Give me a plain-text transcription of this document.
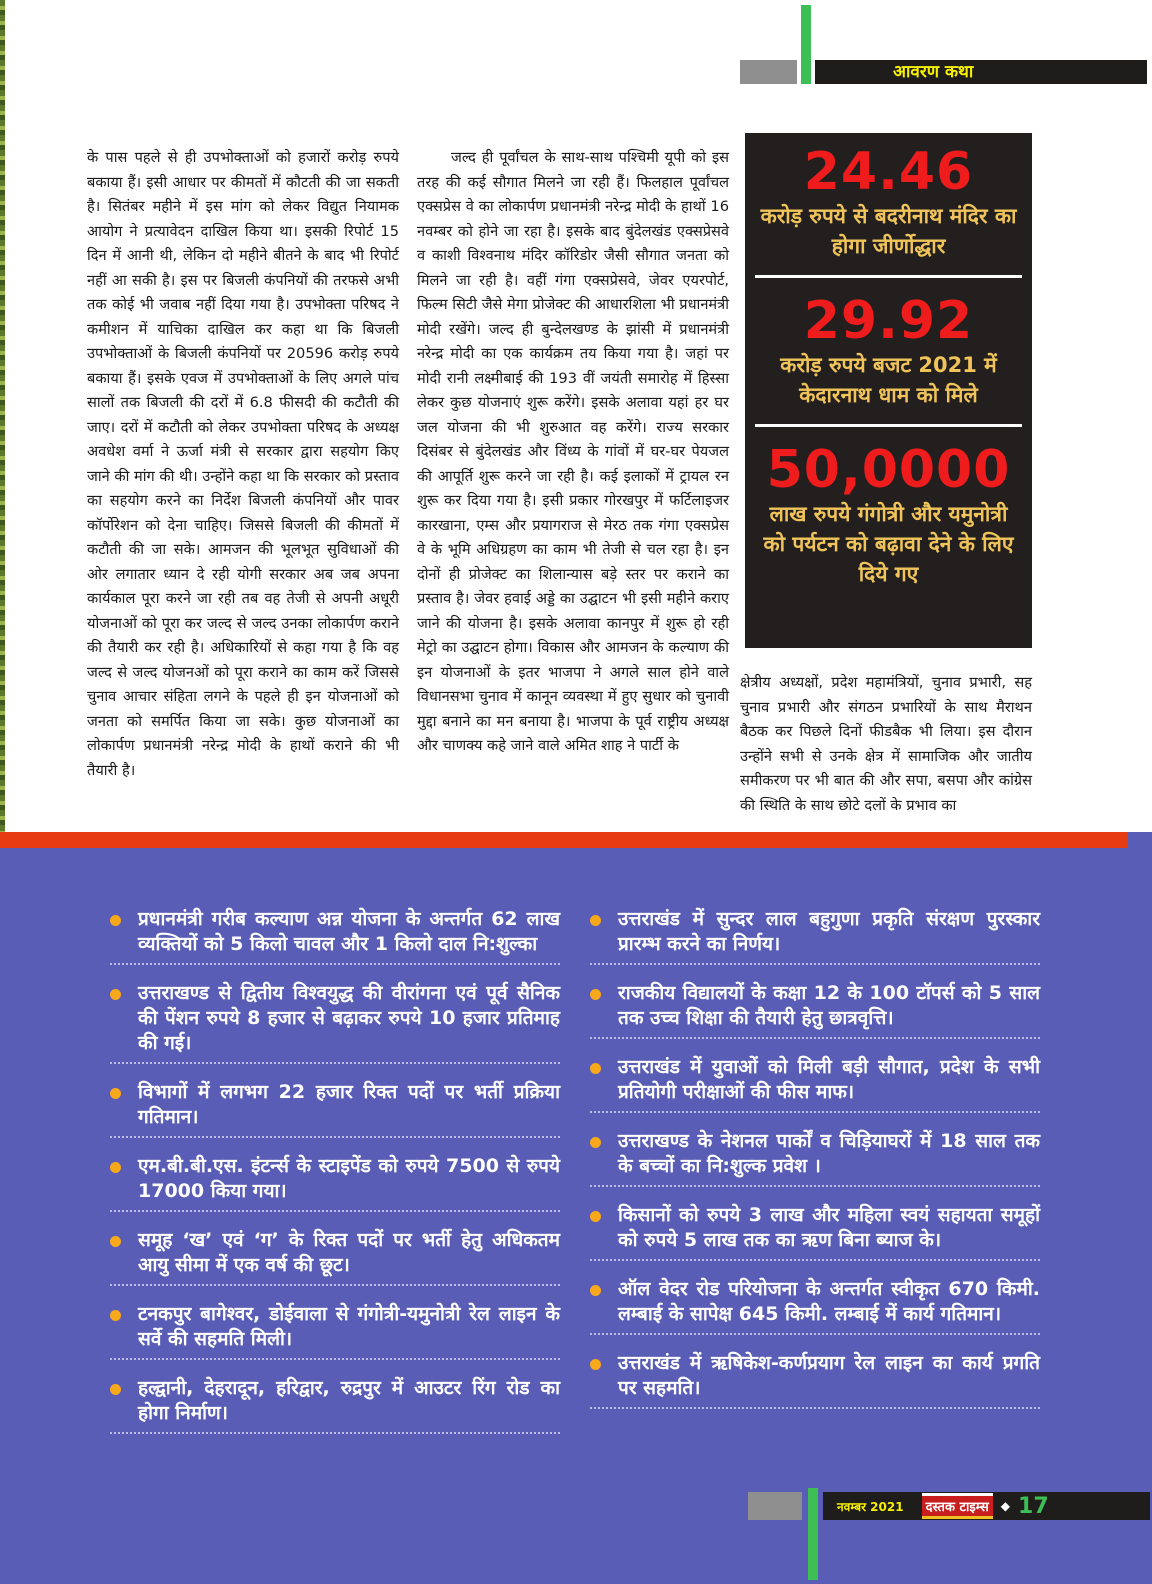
आवरण कथा

के पास पहले से ही उपभोक्ताओं को हजारों करोड़ रुपये बकाया हैं। इसी आधार पर कीमतों में कौटती की जा सकती है। सितंबर महीने में इस मांग को लेकर विद्युत नियामक आयोग ने प्रत्यावेदन दाखिल किया था। इसकी रिपोर्ट 15 दिन में आनी थी, लेकिन दो महीने बीतने के बाद भी रिपोर्ट नहीं आ सकी है। इस पर बिजली कंपनियों की तरफसे अभी तक कोई भी जवाब नहीं दिया गया है। उपभोक्ता परिषद ने कमीशन में याचिका दाखिल कर कहा था कि बिजली उपभोक्ताओं के बिजली कंपनियों पर 20596 करोड़ रुपये बकाया हैं। इसके एवज में उपभोक्ताओं के लिए अगले पांच सालों तक बिजली की दरों में 6.8 फीसदी की कटौती की जाए। दरों में कटौती को लेकर उपभोक्ता परिषद के अध्यक्ष अवधेश वर्मा ने ऊर्जा मंत्री से सरकार द्वारा सहयोग किए जाने की मांग की थी। उन्होंने कहा था कि सरकार को प्रस्ताव का सहयोग करने का निर्देश बिजली कंपनियों और पावर कॉर्पोरेशन को देना चाहिए। जिससे बिजली की कीमतों में कटौती की जा सके। आमजन की भूलभूत सुविधाओं की ओर लगातार ध्यान दे रही योगी सरकार अब जब अपना कार्यकाल पूरा करने जा रही तब वह तेजी से अपनी अधूरी योजनाओं को पूरा कर जल्द से जल्द उनका लोकार्पण कराने की तैयारी कर रही है। अधिकारियों से कहा गया है कि वह जल्द से जल्द योजनओं को पूरा कराने का काम करें जिससे चुनाव आचार संहिता लगने के पहले ही इन योजनाओं को जनता को समर्पित किया जा सके। कुछ योजनाओं का लोकार्पण प्रधानमंत्री नरेन्द्र मोदी के हाथों कराने की भी तैयारी है।

जल्द ही पूर्वांचल के साथ-साथ पश्चिमी यूपी को इस तरह की कई सौगात मिलने जा रही हैं। फिलहाल पूर्वांचल एक्सप्रेस वे का लोकार्पण प्रधानमंत्री नरेन्द्र मोदी के हाथों 16 नवम्बर को होने जा रहा है। इसके बाद बुंदेलखंड एक्सप्रेसवे व काशी विश्वनाथ मंदिर कॉरिडोर जैसी सौगात जनता को मिलने जा रही है। वहीं गंगा एक्सप्रेसवे, जेवर एयरपोर्ट, फिल्म सिटी जैसे मेगा प्रोजेक्ट की आधारशिला भी प्रधानमंत्री मोदी रखेंगे। जल्द ही बुन्देलखण्ड के झांसी में प्रधानमंत्री नरेन्द्र मोदी का एक कार्यक्रम तय किया गया है। जहां पर मोदी रानी लक्ष्मीबाई की 193 वीं जयंती समारोह में हिस्सा लेकर कुछ योजनाएं शुरू करेंगे। इसके अलावा यहां हर घर जल योजना की भी शुरुआत वह करेंगे। राज्य सरकार दिसंबर से बुंदेलखंड और विंध्य के गांवों में घर-घर पेयजल की आपूर्ति शुरू करने जा रही है। कई इलाकों में ट्रायल रन शुरू कर दिया गया है। इसी प्रकार गोरखपुर में फर्टिलाइजर कारखाना, एम्स और प्रयागराज से मेरठ तक गंगा एक्सप्रेस वे के भूमि अधिग्रहण का काम भी तेजी से चल रहा है। इन दोनों ही प्रोजेक्ट का शिलान्यास बड़े स्तर पर कराने का प्रस्ताव है। जेवर हवाई अड्डे का उद्घाटन भी इसी महीने कराए जाने की योजना है। इसके अलावा कानपुर में शुरू हो रही मेट्रो का उद्घाटन होगा। विकास और आमजन के कल्याण की इन योजनाओं के इतर भाजपा ने अगले साल होने वाले विधानसभा चुनाव में कानून व्यवस्था में हुए सुधार को चुनावी मुद्दा बनाने का मन बनाया है। भाजपा के पूर्व राष्ट्रीय अध्यक्ष और चाणक्य कहे जाने वाले अमित शाह ने पार्टी के

24.46
करोड़ रुपये से बदरीनाथ मंदिर का होगा जीर्णोद्धार
29.92
करोड़ रुपये बजट 2021 में केदारनाथ धाम को मिले
50,0000
लाख रुपये गंगोत्री और यमुनोत्री को पर्यटन को बढ़ावा देने के लिए दिये गए

क्षेत्रीय अध्यक्षों, प्रदेश महामंत्रियों, चुनाव प्रभारी, सह चुनाव प्रभारी और संगठन प्रभारियों के साथ मैराथन बैठक कर पिछले दिनों फीडबैक भी लिया। इस दौरान उन्होंने सभी से उनके क्षेत्र में सामाजिक और जातीय समीकरण पर भी बात की और सपा, बसपा और कांग्रेस की स्थिति के साथ छोटे दलों के प्रभाव का

प्रधानमंत्री गरीब कल्याण अन्न योजना के अन्तर्गत 62 लाख व्यक्तियों को 5 किलो चावल और 1 किलो दाल नि:शुल्का
उत्तराखण्ड से द्वितीय विश्वयुद्ध की वीरांगना एवं पूर्व सैनिक की पेंशन रुपये 8 हजार से बढ़ाकर रुपये 10 हजार प्रतिमाह की गई।
विभागों में लगभग 22 हजार रिक्त पदों पर भर्ती प्रक्रिया गतिमान।
एम.बी.बी.एस. इंटर्न्स के स्टाइपेंड को रुपये 7500 से रुपये 17000 किया गया।
समूह ‘ख’ एवं ‘ग’ के रिक्त पदों पर भर्ती हेतु अधिकतम आयु सीमा में एक वर्ष की छूट।
टनकपुर बागेश्वर, डोईवाला से गंगोत्री-यमुनोत्री रेल लाइन के सर्वे की सहमति मिली।
हल्द्वानी, देहरादून, हरिद्वार, रुद्रपुर में आउटर रिंग रोड का होगा निर्माण।
उत्तराखंड में सुन्दर लाल बहुगुणा प्रकृति संरक्षण पुरस्कार प्रारम्भ करने का निर्णय।
राजकीय विद्यालयों के कक्षा 12 के 100 टॉपर्स को 5 साल तक उच्च शिक्षा की तैयारी हेतु छात्रवृत्ति।
उत्तराखंड में युवाओं को मिली बड़ी सौगात, प्रदेश के सभी प्रतियोगी परीक्षाओं की फीस माफ।
उत्तराखण्ड के नेशनल पार्कों व चिड़ियाघरों में 18 साल तक के बच्चों का नि:शुल्क प्रवेश ।
किसानों को रुपये 3 लाख और महिला स्वयं सहायता समूहों को रुपये 5 लाख तक का ऋण बिना ब्याज के।
ऑल वेदर रोड परियोजना के अन्तर्गत स्वीकृत 670 किमी. लम्बाई के सापेक्ष 645 किमी. लम्बाई में कार्य गतिमान।
उत्तराखंड में ऋषिकेश-कर्णप्रयाग रेल लाइन का कार्य प्रगति पर सहमति।
नवम्बर 2021	दस्तक टाइम्स	◆ 17
